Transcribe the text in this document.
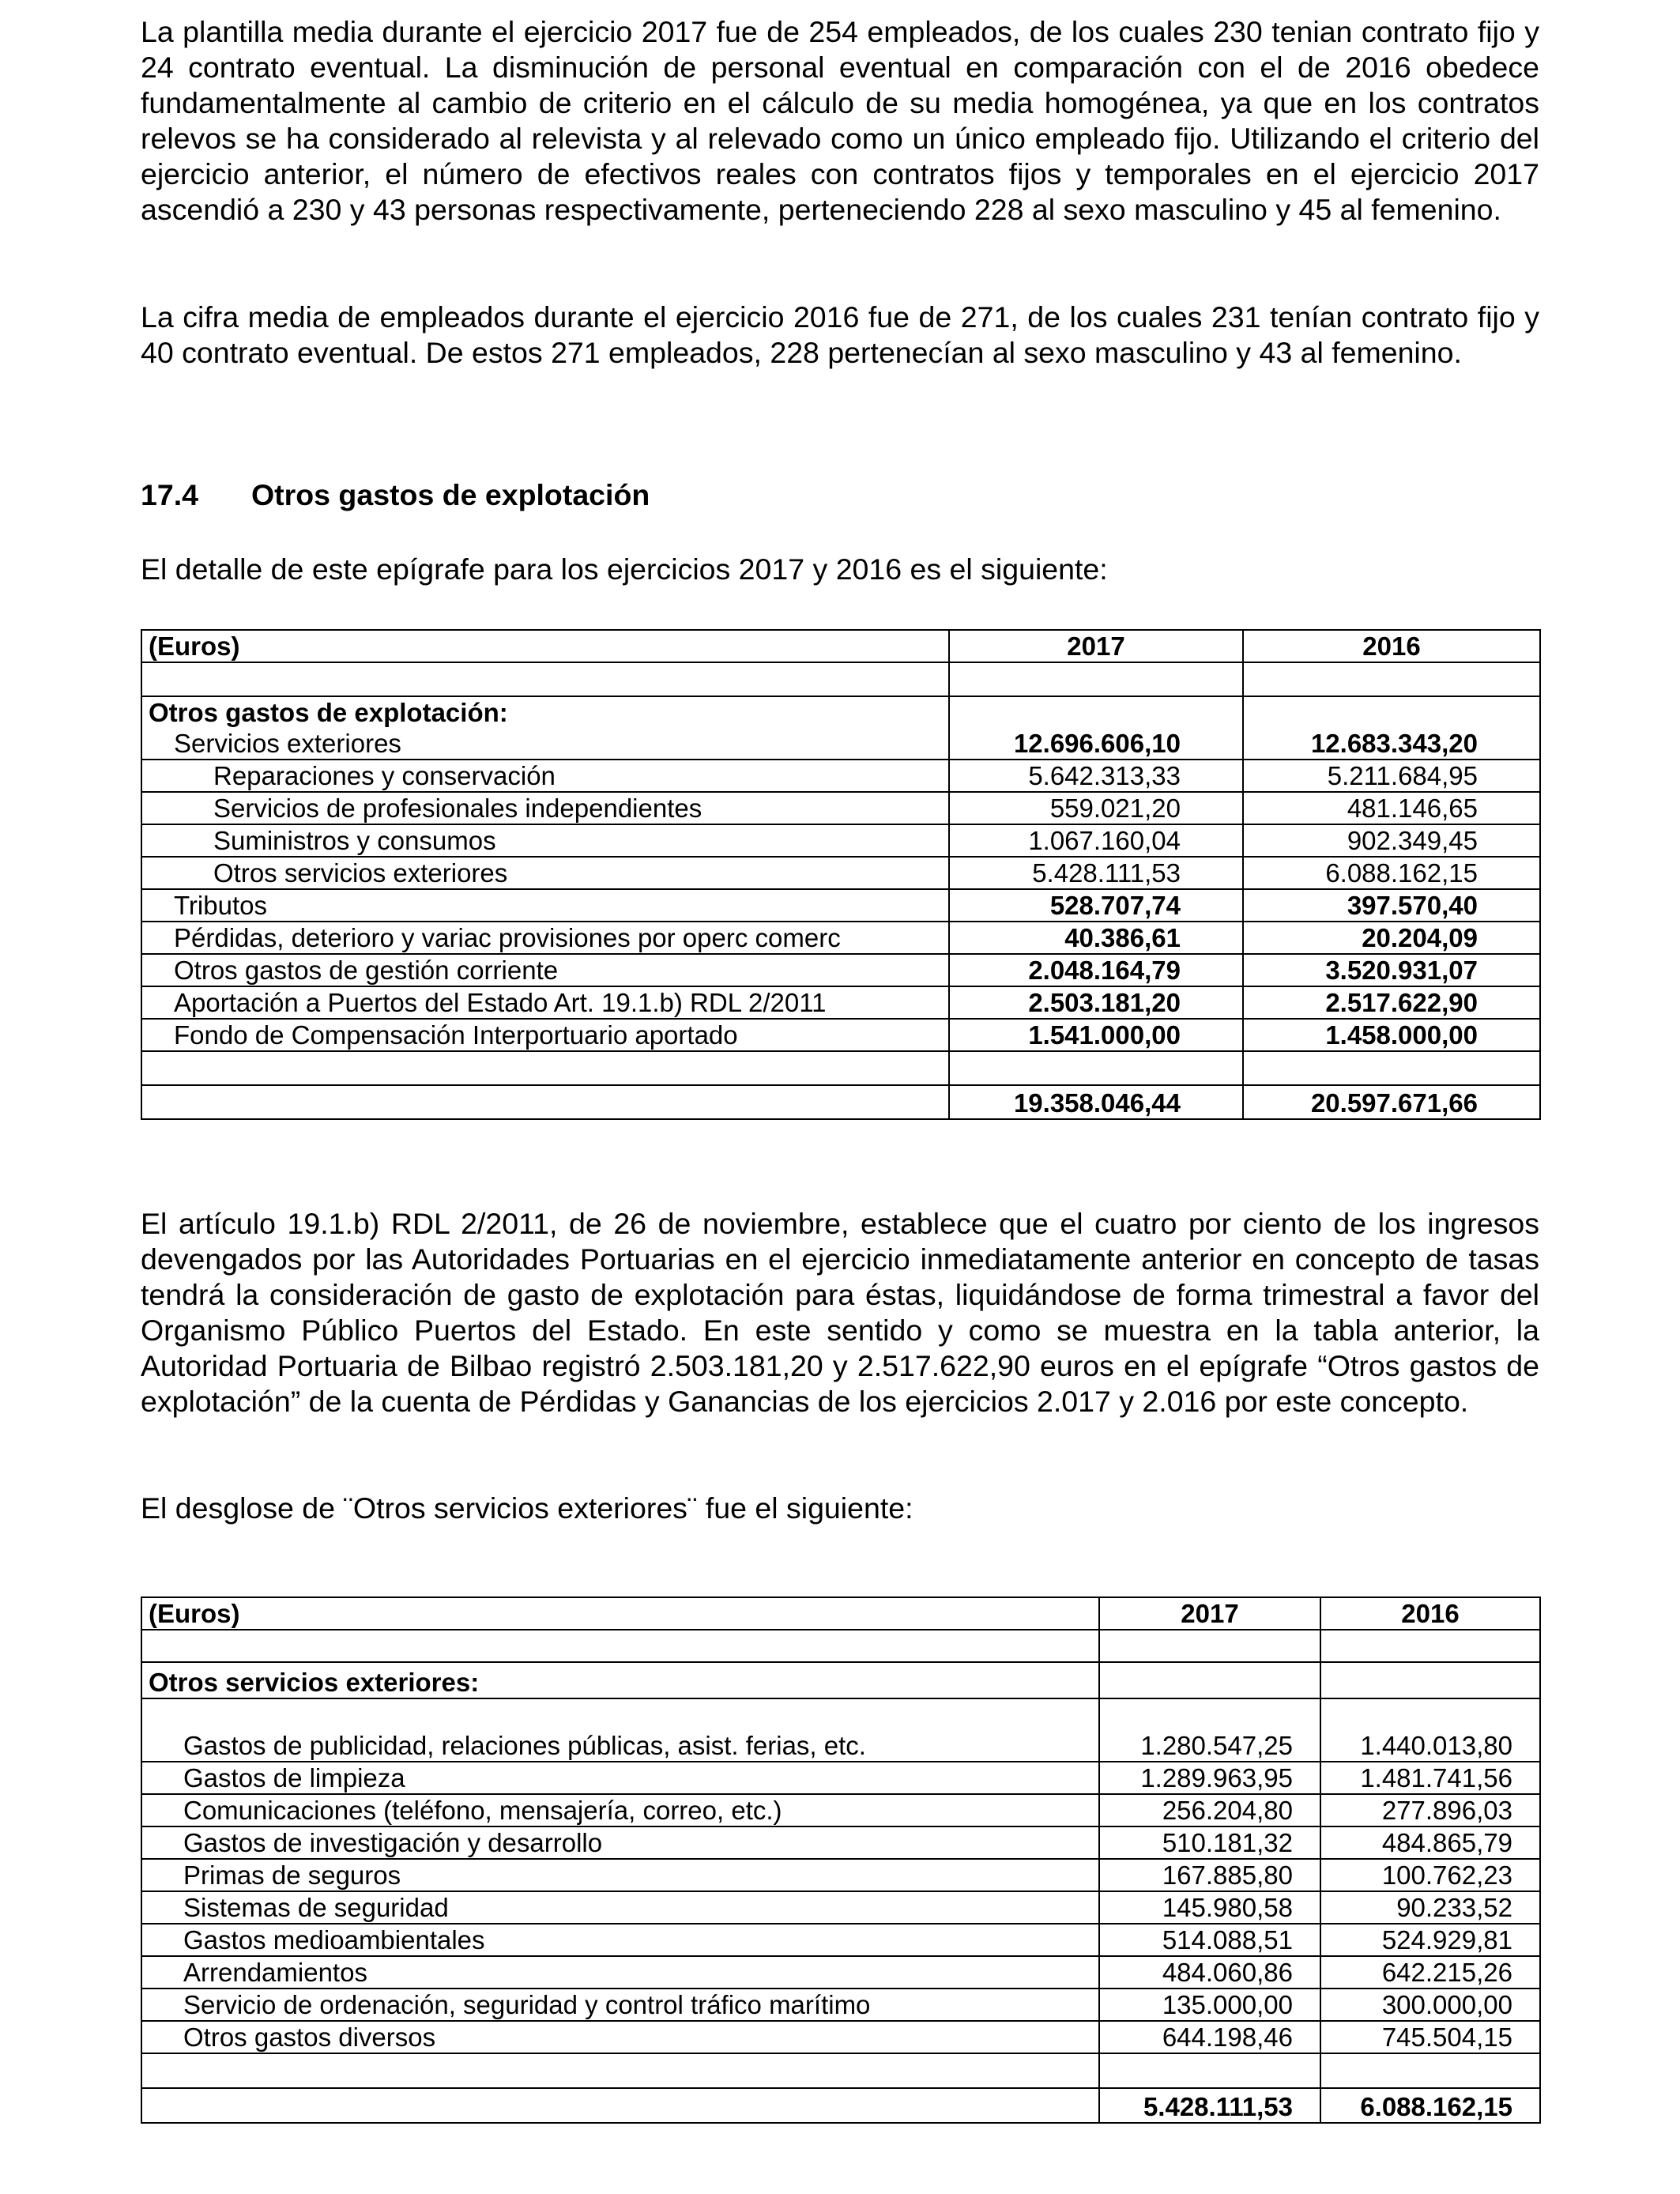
La plantilla media durante el ejercicio 2017 fue de 254 empleados, de los cuales 230 tenian contrato fijo y 24 contrato eventual. La disminución de personal eventual en comparación con el de 2016 obedece fundamentalmente al cambio de criterio en el cálculo de su media homogénea, ya que en los contratos relevos se ha considerado al relevista y al relevado como un único empleado fijo. Utilizando el criterio del ejercicio anterior, el número de efectivos reales con contratos fijos y temporales en el ejercicio 2017 ascendió a 230 y 43 personas respectivamente, perteneciendo 228 al sexo masculino y 45 al femenino.

La cifra media de empleados durante el ejercicio 2016 fue de 271, de los cuales 231 tenían contrato fijo y 40 contrato eventual. De estos 271 empleados, 228 pertenecían al sexo masculino y 43 al femenino.

17.4 Otros gastos de explotación

El detalle de este epígrafe para los ejercicios 2017 y 2016 es el siguiente:

(Euros)	2017	2016

Otros gastos de explotación:		
Servicios exteriores	12.696.606,10	12.683.343,20
Reparaciones y conservación	5.642.313,33	5.211.684,95
Servicios de profesionales independientes	559.021,20	481.146,65
Suministros y consumos	1.067.160,04	902.349,45
Otros servicios exteriores	5.428.111,53	6.088.162,15
Tributos	528.707,74	397.570,40
Pérdidas, deterioro y variac provisiones por operc comerc	40.386,61	20.204,09
Otros gastos de gestión corriente	2.048.164,79	3.520.931,07
Aportación a Puertos del Estado Art. 19.1.b) RDL 2/2011	2.503.181,20	2.517.622,90
Fondo de Compensación Interportuario aportado	1.541.000,00	1.458.000,00

	19.358.046,44	20.597.671,66

El artículo 19.1.b) RDL 2/2011, de 26 de noviembre, establece que el cuatro por ciento de los ingresos devengados por las Autoridades Portuarias en el ejercicio inmediatamente anterior en concepto de tasas tendrá la consideración de gasto de explotación para éstas, liquidándose de forma trimestral a favor del Organismo Público Puertos del Estado. En este sentido y como se muestra en la tabla anterior, la Autoridad Portuaria de Bilbao registró 2.503.181,20 y 2.517.622,90 euros en el epígrafe “Otros gastos de explotación” de la cuenta de Pérdidas y Ganancias de los ejercicios 2.017 y 2.016 por este concepto.

El desglose de ¨Otros servicios exteriores¨ fue el siguiente:

(Euros)	2017	2016

Otros servicios exteriores:		

Gastos de publicidad, relaciones públicas, asist. ferias, etc.	1.280.547,25	1.440.013,80
Gastos de limpieza	1.289.963,95	1.481.741,56
Comunicaciones (teléfono, mensajería, correo, etc.)	256.204,80	277.896,03
Gastos de investigación y desarrollo	510.181,32	484.865,79
Primas de seguros	167.885,80	100.762,23
Sistemas de seguridad	145.980,58	90.233,52
Gastos medioambientales	514.088,51	524.929,81
Arrendamientos	484.060,86	642.215,26
Servicio de ordenación, seguridad y control tráfico marítimo	135.000,00	300.000,00
Otros gastos diversos	644.198,46	745.504,15

	5.428.111,53	6.088.162,15
